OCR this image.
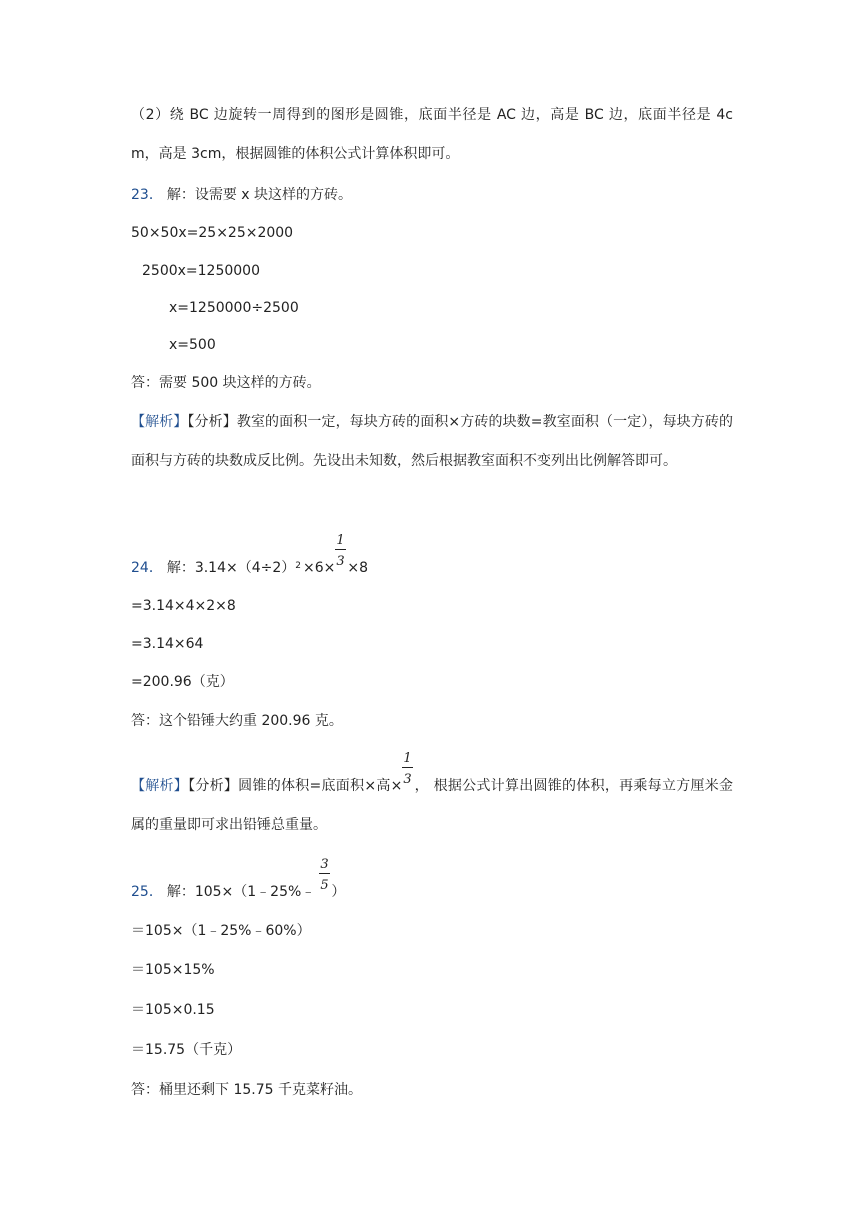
（2）绕 BC 边旋转一周得到的图形是圆锥，底面半径是 AC 边，高是 BC 边，底面半径是 4cm，高是 3cm，根据圆锥的体积公式计算体积即可。
23． 解：设需要 x 块这样的方砖。
50×50x=25×25×2000
2500x=1250000
x=1250000÷2500
x=500
答：需要 500 块这样的方砖。
【解析】【分析】教室的面积一定，每块方砖的面积×方砖的块数=教室面积（一定），每块方砖的面积与方砖的块数成反比例。先设出未知数，然后根据教室面积不变列出比例解答即可。
24． 解：$3.14\times(4\div 2)^2 \times 6\times \frac{1}{3} \times 8$
=3.14×4×2×8
=3.14×64
=200.96（克）
答：这个铅锤大约重 200.96 克。
【解析】【分析】圆锥的体积=底面积×高× $\frac{1}{3}$ ， 根据公式计算出圆锥的体积，再乘每立方厘米金属的重量即可求出铅锤总重量。
25． 解：105×（1﹣25%﹣ $\frac{3}{5}$ ）
＝105×（1﹣25%﹣60%）
＝105×15%
＝105×0.15
＝15.75（千克）
答：桶里还剩下 15.75 千克菜籽油。
